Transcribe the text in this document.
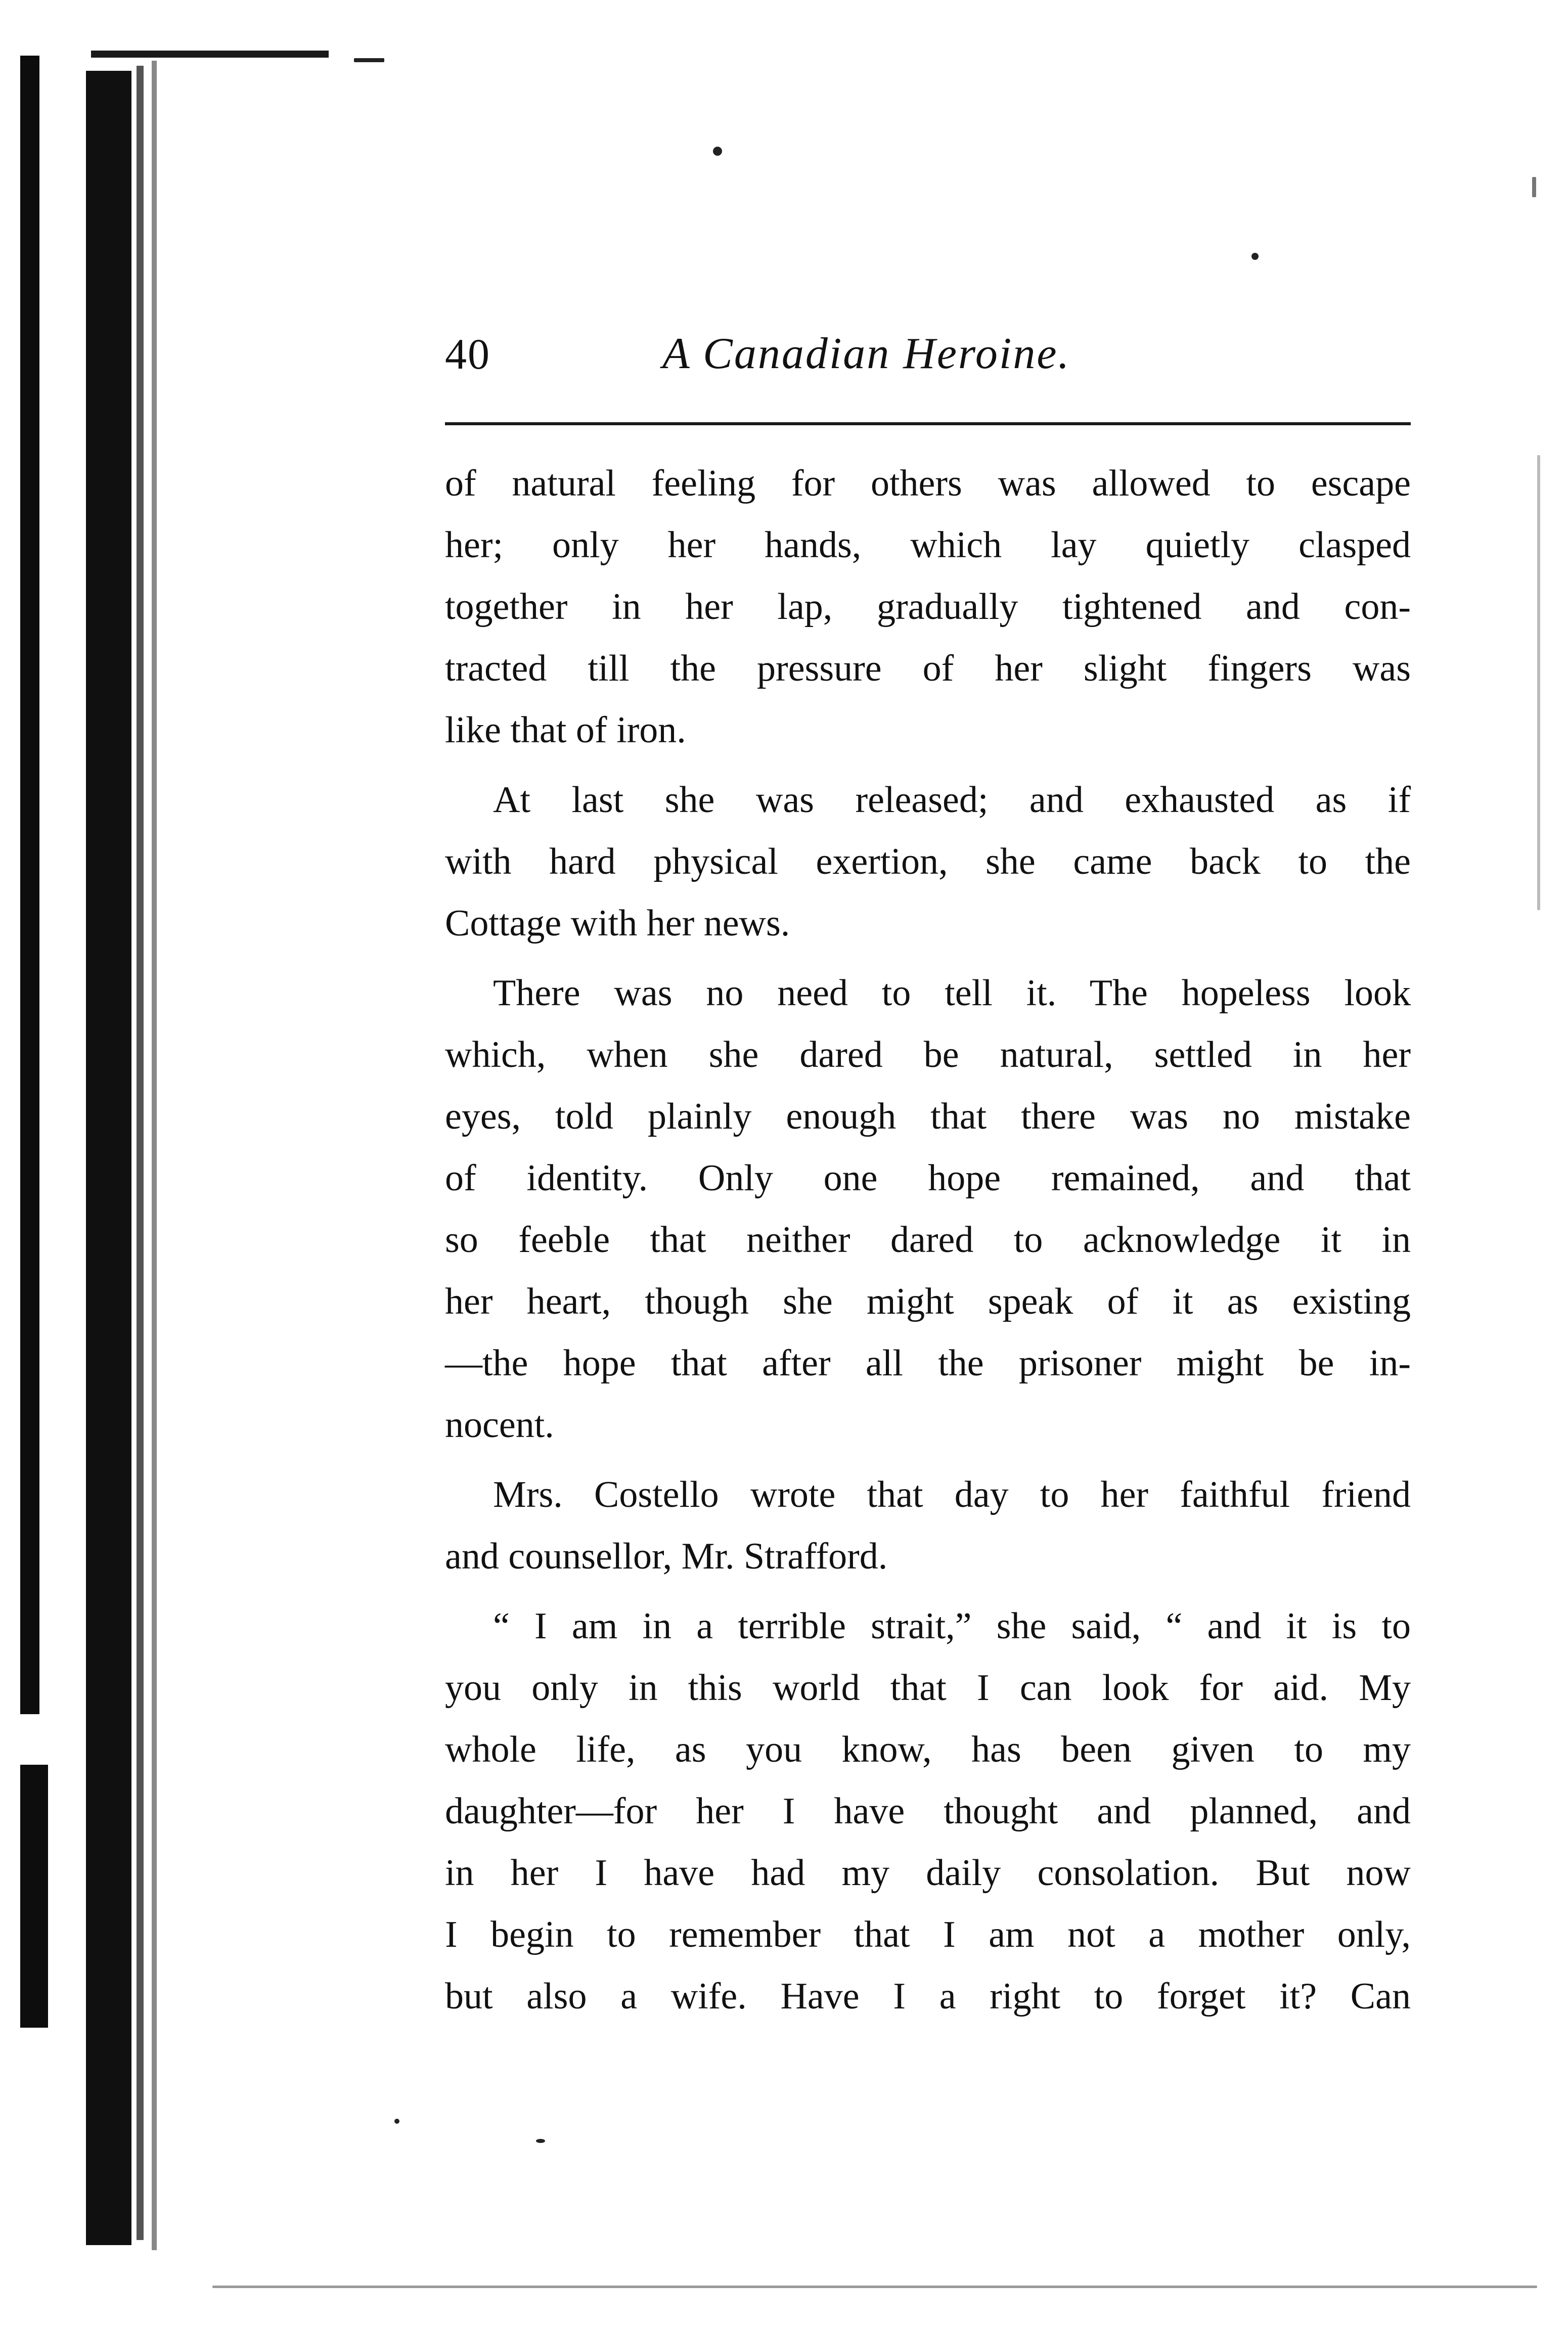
40	A Canadian Heroine.

of natural feeling for others was allowed to escape
her; only her hands, which lay quietly clasped
together in her lap, gradually tightened and con-
tracted till the pressure of her slight fingers was
like that of iron.

At last she was released; and exhausted as if
with hard physical exertion, she came back to the
Cottage with her news.

There was no need to tell it. The hopeless look
which, when she dared be natural, settled in her
eyes, told plainly enough that there was no mistake
of identity. Only one hope remained, and that
so feeble that neither dared to acknowledge it in
her heart, though she might speak of it as existing
—the hope that after all the prisoner might be in-
nocent.

Mrs. Costello wrote that day to her faithful friend
and counsellor, Mr. Strafford.

“ I am in a terrible strait,” she said, “ and it is to
you only in this world that I can look for aid. My
whole life, as you know, has been given to my
daughter—for her I have thought and planned, and
in her I have had my daily consolation. But now
I begin to remember that I am not a mother only,
but also a wife. Have I a right to forget it? Can
